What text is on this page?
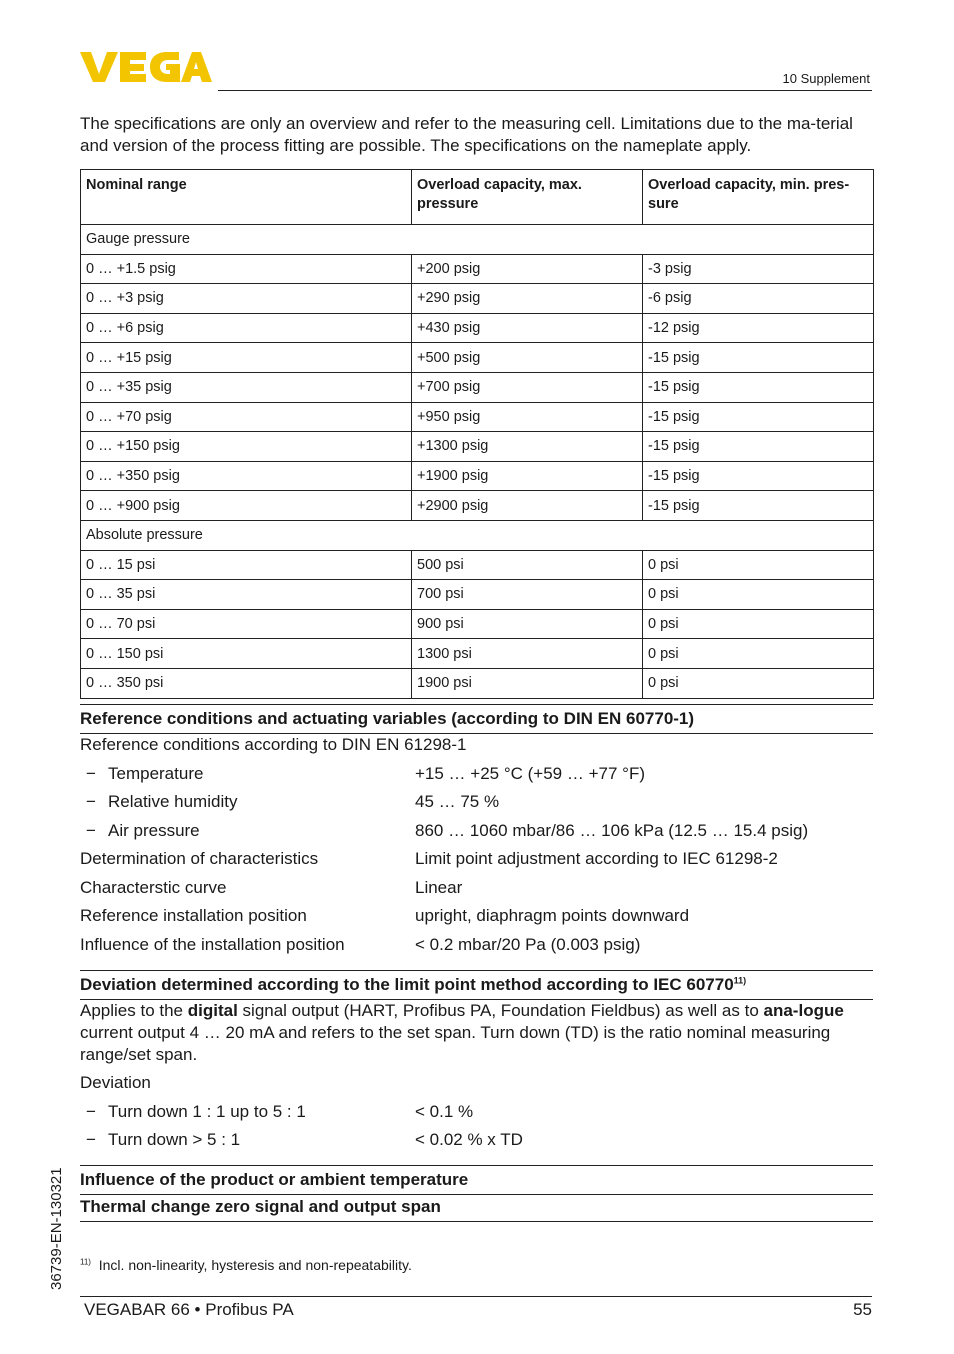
10 Supplement

The specifications are only an overview and refer to the measuring cell. Limitations due to the ma-terial and version of the process fitting are possible. The specifications on the nameplate apply.

Nominal range	Overload capacity, max. pressure	Overload capacity, min. pres-sure
Gauge pressure		
0 … +1.5 psig	+200 psig	-3 psig
0 … +3 psig	+290 psig	-6 psig
0 … +6 psig	+430 psig	-12 psig
0 … +15 psig	+500 psig	-15 psig
0 … +35 psig	+700 psig	-15 psig
0 … +70 psig	+950 psig	-15 psig
0 … +150 psig	+1300 psig	-15 psig
0 … +350 psig	+1900 psig	-15 psig
0 … +900 psig	+2900 psig	-15 psig
Absolute pressure		
0 … 15 psi	500 psi	0 psi
0 … 35 psi	700 psi	0 psi
0 … 70 psi	900 psi	0 psi
0 … 150 psi	1300 psi	0 psi
0 … 350 psi	1900 psi	0 psi
Reference conditions and actuating variables (according to DIN EN 60770-1)
Reference conditions according to DIN EN 61298-1
− Temperature	+15 … +25 °C (+59 … +77 °F)
− Relative humidity	45 … 75 %
− Air pressure	860 … 1060 mbar/86 … 106 kPa (12.5 … 15.4 psig)
Determination of characteristics	Limit point adjustment according to IEC 61298-2
Characterstic curve	Linear
Reference installation position	upright, diaphragm points downward
Influence of the installation position	< 0.2 mbar/20 Pa (0.003 psig)
Deviation determined according to the limit point method according to IEC 60770$^{11)}$

Applies to the digital signal output (HART, Profibus PA, Foundation Fieldbus) as well as to ana-logue current output 4 … 20 mA and refers to the set span. Turn down (TD) is the ratio nominal measuring range/set span.

Deviation
− Turn down 1 : 1 up to 5 : 1	< 0.1 %
− Turn down > 5 : 1	< 0.02 % x TD
Influence of the product or ambient temperature
Thermal change zero signal and output span
$^{11)}$ Incl. non-linearity, hysteresis and non-repeatability.
36739-EN-130321
VEGABAR 66 • Profibus PA	55
